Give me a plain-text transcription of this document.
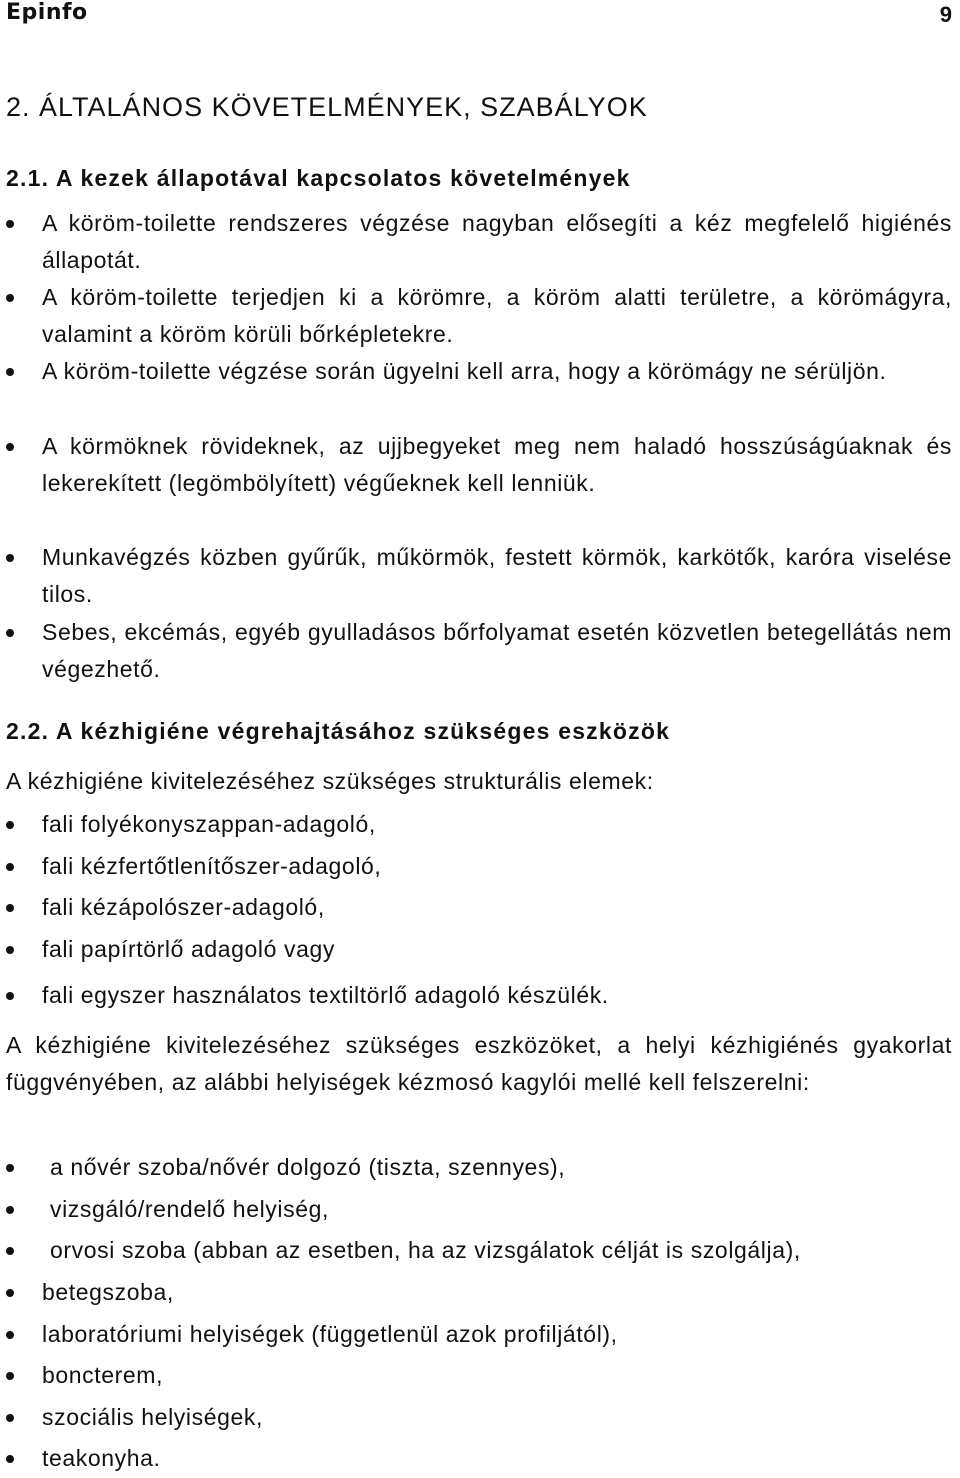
Epinfo	9
2. ÁLTALÁNOS KÖVETELMÉNYEK, SZABÁLYOK
2.1. A kezek állapotával kapcsolatos követelmények
A köröm-toilette rendszeres végzése nagyban elősegíti a kéz megfelelő higiénés állapotát.
A köröm-toilette terjedjen ki a körömre, a köröm alatti területre, a körömágyra, valamint a köröm körüli bőrképletekre.
A köröm-toilette végzése során ügyelni kell arra, hogy a körömágy ne sérüljön.
A körmöknek rövideknek, az ujjbegyeket meg nem haladó hosszúságúaknak és lekerekített (legömbölyített) végűeknek kell lenniük.
Munkavégzés közben gyűrűk, műkörmök, festett körmök, karkötők, karóra viselése tilos.
Sebes, ekcémás, egyéb gyulladásos bőrfolyamat esetén közvetlen betegellátás nem végezhető.
2.2. A kézhigiéne végrehajtásához szükséges eszközök
A kézhigiéne kivitelezéséhez szükséges strukturális elemek:
fali folyékonyszappan-adagoló,
fali kézfertőtlenítőszer-adagoló,
fali kézápolószer-adagoló,
fali papírtörlő adagoló vagy
fali egyszer használatos textiltörlő adagoló készülék.
A kézhigiéne kivitelezéséhez szükséges eszközöket, a helyi kézhigiénés gyakorlat függvényében, az alábbi helyiségek kézmosó kagylói mellé kell felszerelni:
a nővér szoba/nővér dolgozó (tiszta, szennyes),
vizsgáló/rendelő helyiség,
orvosi szoba (abban az esetben, ha az vizsgálatok célját is szolgálja),
betegszoba,
laboratóriumi helyiségek (függetlenül azok profiljától),
boncterem,
szociális helyiségek,
teakonyha.
